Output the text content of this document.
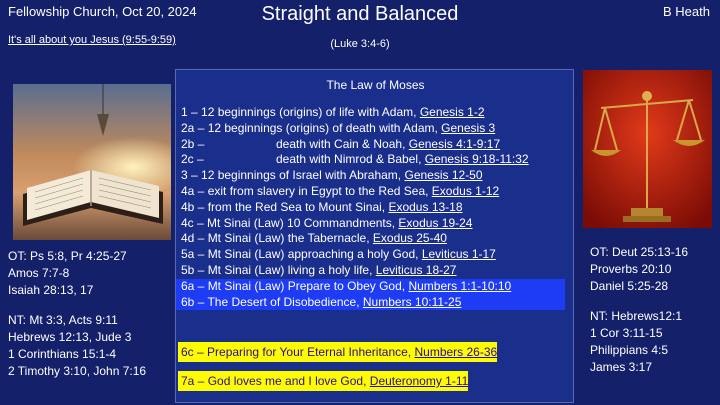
Fellowship Church, Oct 20, 2024	Straight and Balanced	B Heath
It's all about you Jesus (9:55-9:59)	(Luke 3:4-6)
The Law of Moses
1 – 12 beginnings (origins) of life with Adam, Genesis 1-2
2a – 12 beginnings (origins) of death with Adam, Genesis 3
2b –	death with Cain & Noah, Genesis 4:1-9:17
2c –	death with Nimrod & Babel, Genesis 9:18-11:32
3 – 12 beginnings of Israel with Abraham, Genesis 12-50
4a – exit from slavery in Egypt to the Red Sea, Exodus 1-12
4b – from the Red Sea to Mount Sinai, Exodus 13-18
4c – Mt Sinai (Law) 10 Commandments, Exodus 19-24
4d – Mt Sinai (Law) the Tabernacle, Exodus 25-40
5a – Mt Sinai (Law) approaching a holy God, Leviticus 1-17
5b – Mt Sinai (Law) living a holy life, Leviticus 18-27
6a – Mt Sinai (Law) Prepare to Obey God, Numbers 1:1-10:10
6b – The Desert of Disobedience, Numbers 10:11-25
6c – Preparing for Your Eternal Inheritance, Numbers 26-36
7a – God loves me and I love God, Deuteronomy 1-11
OT: Ps 5:8, Pr 4:25-27
Amos 7:7-8
Isaiah 28:13, 17
NT: Mt 3:3, Acts 9:11
Hebrews 12:13, Jude 3
1 Corinthians 15:1-4
2 Timothy 3:10, John 7:16
OT: Deut 25:13-16
Proverbs 20:10
Daniel 5:25-28
NT: Hebrews12:1
1 Cor 3:11-15
Philippians 4:5
James 3:17
